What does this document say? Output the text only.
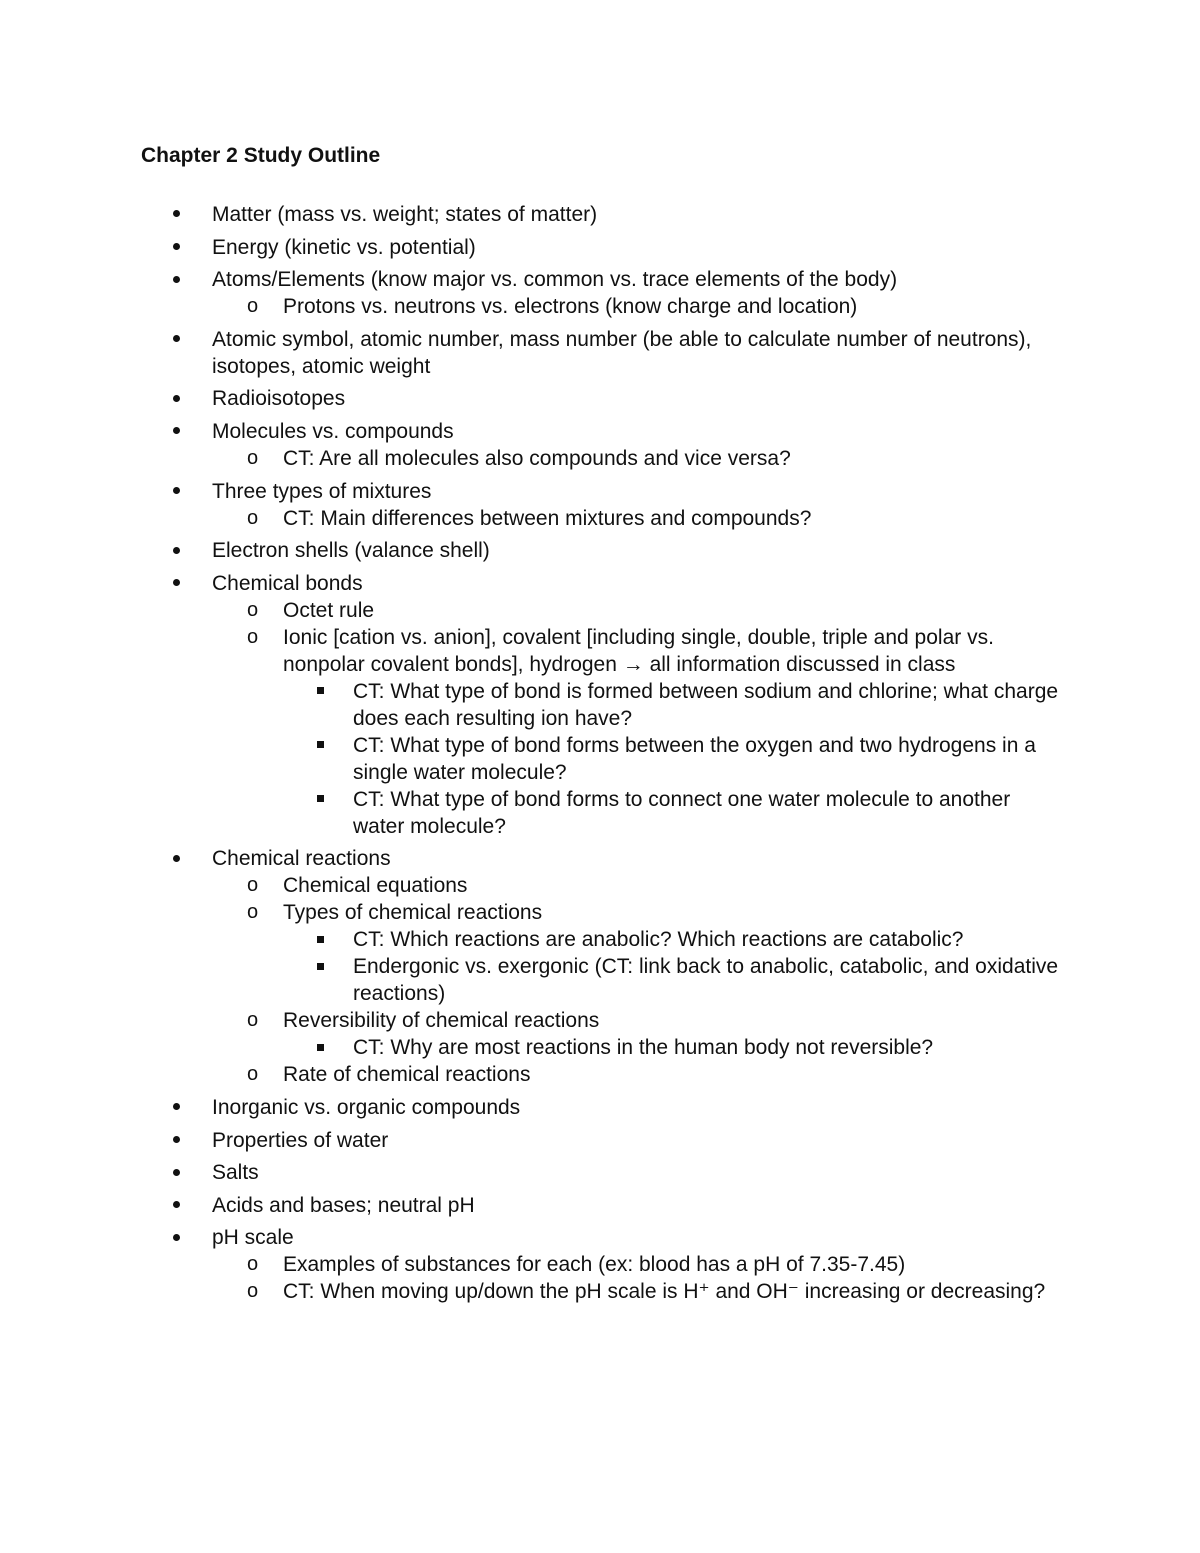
Chapter 2 Study Outline
Matter (mass vs. weight; states of matter)
Energy (kinetic vs. potential)
Atoms/Elements (know major vs. common vs. trace elements of the body)
o Protons vs. neutrons vs. electrons (know charge and location)
Atomic symbol, atomic number, mass number (be able to calculate number of neutrons), isotopes, atomic weight
Radioisotopes
Molecules vs. compounds
o CT: Are all molecules also compounds and vice versa?
Three types of mixtures
o CT: Main differences between mixtures and compounds?
Electron shells (valance shell)
Chemical bonds
o Octet rule
o Ionic [cation vs. anion], covalent [including single, double, triple and polar vs. nonpolar covalent bonds], hydrogen → all information discussed in class
CT: What type of bond is formed between sodium and chlorine; what charge does each resulting ion have?
CT: What type of bond forms between the oxygen and two hydrogens in a single water molecule?
CT: What type of bond forms to connect one water molecule to another water molecule?
Chemical reactions
o Chemical equations
o Types of chemical reactions
CT: Which reactions are anabolic? Which reactions are catabolic?
Endergonic vs. exergonic (CT: link back to anabolic, catabolic, and oxidative reactions)
o Reversibility of chemical reactions
CT: Why are most reactions in the human body not reversible?
o Rate of chemical reactions
Inorganic vs. organic compounds
Properties of water
Salts
Acids and bases; neutral pH
pH scale
o Examples of substances for each (ex: blood has a pH of 7.35-7.45)
o CT: When moving up/down the pH scale is H⁺ and OH⁻ increasing or decreasing?
